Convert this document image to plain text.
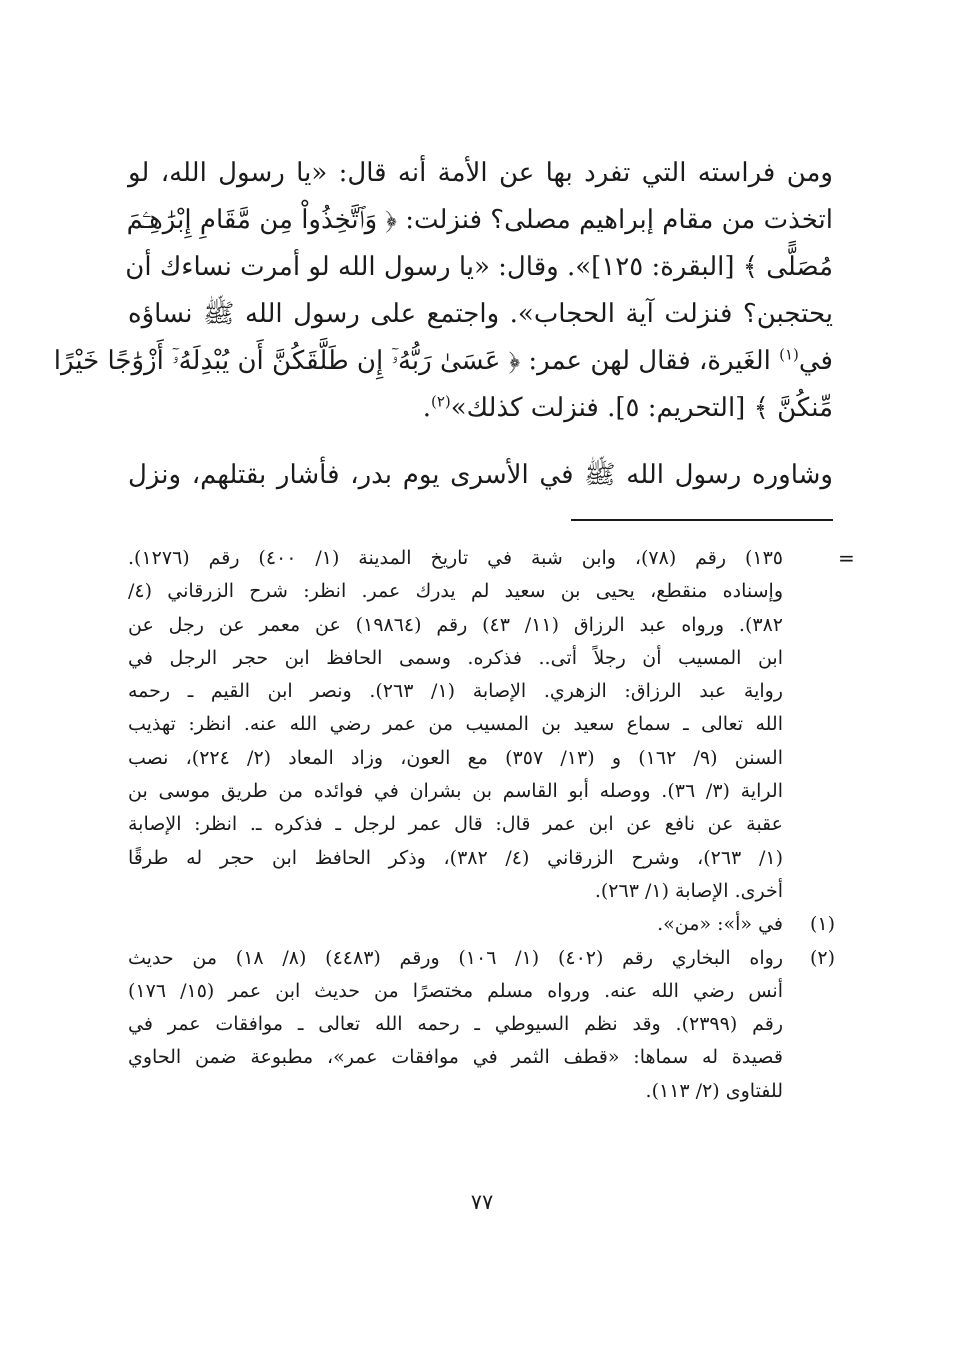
ومن فراسته التي تفرد بها عن الأمة أنه قال: «يا رسول الله، لو
اتخذت من مقام إبراهيم مصلى؟ فنزلت: ﴿ وَٱتَّخِذُواْ مِن مَّقَامِ إِبْرَٰهِـۧمَ
مُصَلًّى ﴾ [البقرة: ١٢٥]». وقال: «يا رسول الله لو أمرت نساءك أن
يحتجبن؟ فنزلت آية الحجاب». واجتمع على رسول الله ﷺ نساؤه
في$^{(١)}$ الغَيرة، فقال لهن عمر: ﴿ عَسَىٰ رَبُّهُۥٓ إِن طَلَّقَكُنَّ أَن يُبْدِلَهُۥٓ أَزْوَٰجًا خَيْرًا
مِّنكُنَّ ﴾ [التحريم: ٥]. فنزلت كذلك»$^{(٢)}$.
وشاوره رسول الله ﷺ في الأسرى يوم بدر، فأشار بقتلهم، ونزل
=
١٣٥) رقم (٧٨)، وابن شبة في تاريخ المدينة (١/ ٤٠٠) رقم (١٢٧٦).
وإسناده منقطع، يحيى بن سعيد لم يدرك عمر. انظر: شرح الزرقاني (٤/
٣٨٢). ورواه عبد الرزاق (١١/ ٤٣) رقم (١٩٨٦٤) عن معمر عن رجل عن
ابن المسيب أن رجلاً أتى.. فذكره. وسمى الحافظ ابن حجر الرجل في
رواية عبد الرزاق: الزهري. الإصابة (١/ ٢٦٣). ونصر ابن القيم ـ رحمه
الله تعالى ـ سماع سعيد بن المسيب من عمر رضي الله عنه. انظر: تهذيب
السنن (٩/ ١٦٢) و (١٣/ ٣٥٧) مع العون، وزاد المعاد (٢/ ٢٢٤)، نصب
الراية (٣/ ٣٦). ووصله أبو القاسم بن بشران في فوائده من طريق موسى بن
عقبة عن نافع عن ابن عمر قال: قال عمر لرجل ـ فذكره ـ. انظر: الإصابة
(١/ ٢٦٣)، وشرح الزرقاني (٤/ ٣٨٢)، وذكر الحافظ ابن حجر له طرقًا
أخرى. الإصابة (١/ ٢٦٣).
(١)
في «أ»: «من».
(٢)
رواه البخاري رقم (٤٠٢) (١/ ١٠٦) ورقم (٤٤٨٣) (٨/ ١٨) من حديث
أنس رضي الله عنه. ورواه مسلم مختصرًا من حديث ابن عمر (١٥/ ١٧٦)
رقم (٢٣٩٩). وقد نظم السيوطي ـ رحمه الله تعالى ـ موافقات عمر في
قصيدة له سماها: «قطف الثمر في موافقات عمر»، مطبوعة ضمن الحاوي
للفتاوى (٢/ ١١٣).
٧٧
